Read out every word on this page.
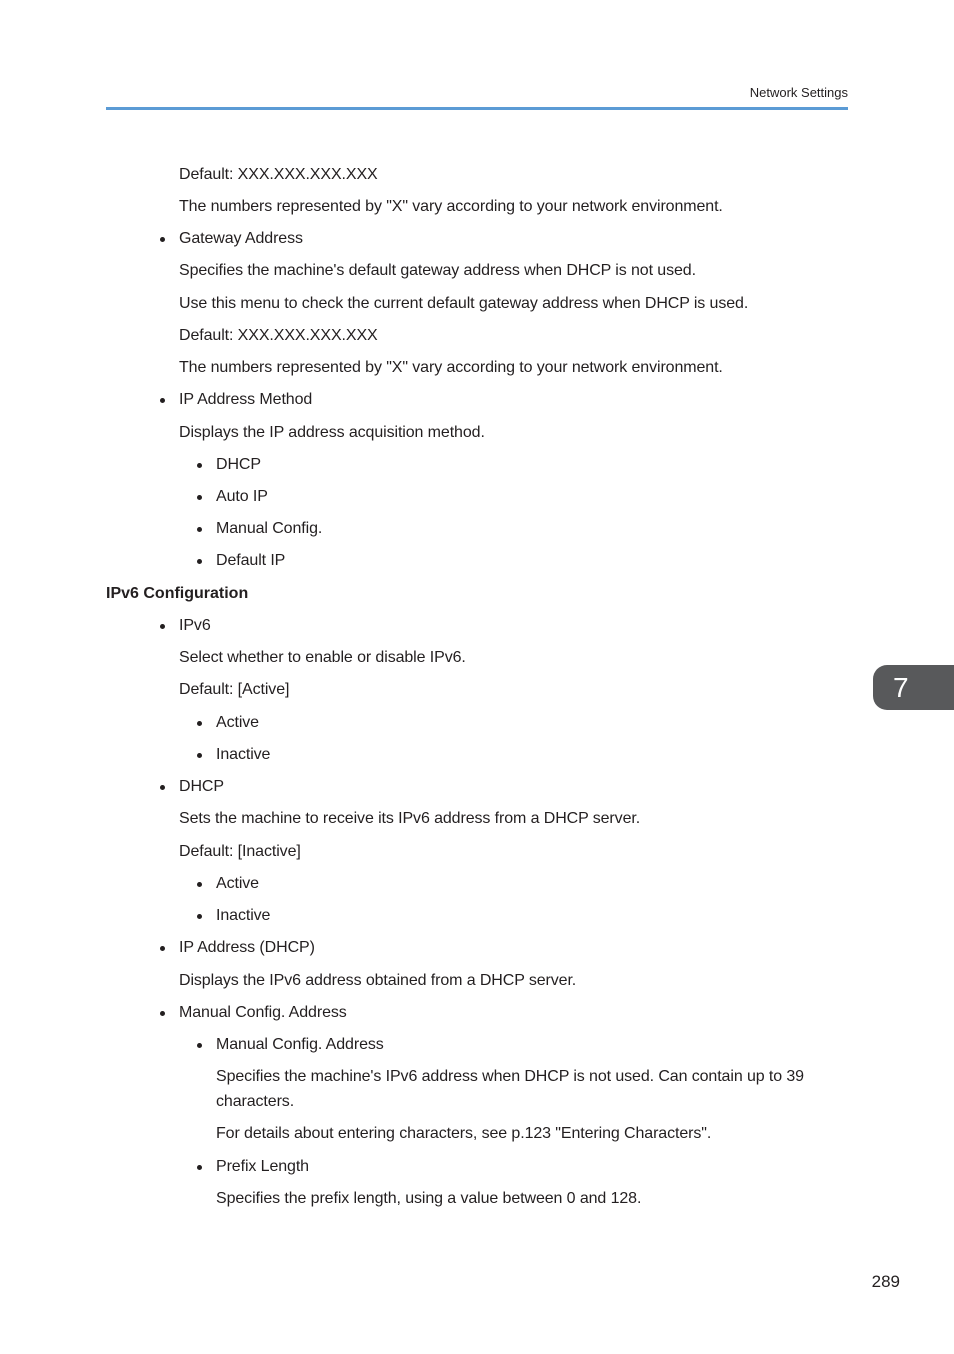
Network Settings
Default: XXX.XXX.XXX.XXX
The numbers represented by "X" vary according to your network environment.
Gateway Address
Specifies the machine's default gateway address when DHCP is not used.
Use this menu to check the current default gateway address when DHCP is used.
Default: XXX.XXX.XXX.XXX
The numbers represented by "X" vary according to your network environment.
IP Address Method
Displays the IP address acquisition method.
DHCP
Auto IP
Manual Config.
Default IP
IPv6 Configuration
IPv6
Select whether to enable or disable IPv6.
Default: [Active]
Active
Inactive
DHCP
Sets the machine to receive its IPv6 address from a DHCP server.
Default: [Inactive]
Active
Inactive
IP Address (DHCP)
Displays the IPv6 address obtained from a DHCP server.
Manual Config. Address
Manual Config. Address
Specifies the machine's IPv6 address when DHCP is not used. Can contain up to 39
characters.
For details about entering characters, see p.123 "Entering Characters".
Prefix Length
Specifies the prefix length, using a value between 0 and 128.
7
289
